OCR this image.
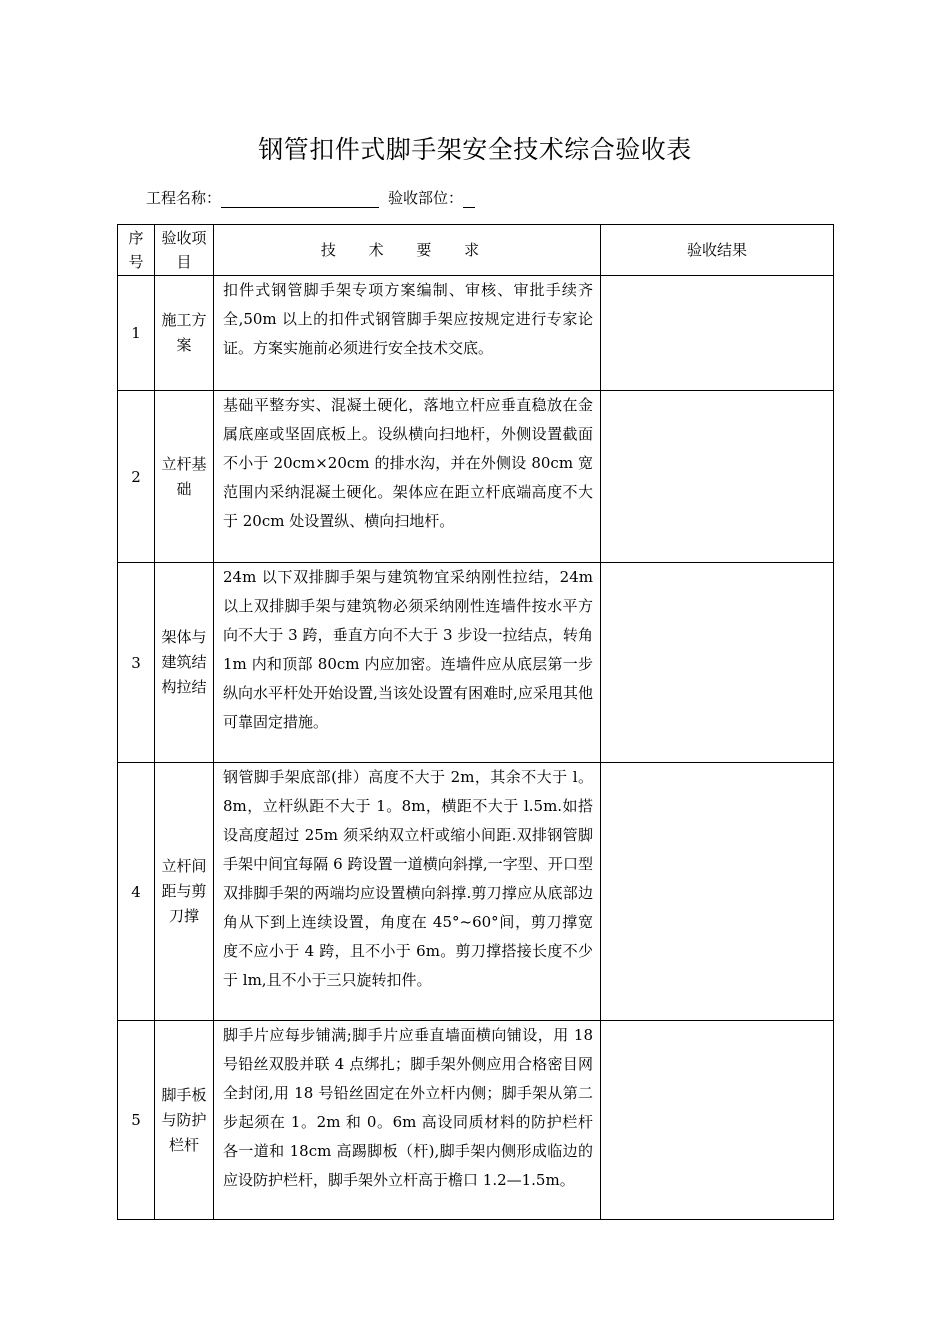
钢管扣件式脚手架安全技术综合验收表
工程名称：	验收部位：
序号	验收项目	技 术 要 求	验收结果
1	施工方案	扣件式钢管脚手架专项方案编制、审核、审批手续齐全,50m 以上的扣件式钢管脚手架应按规定进行专家论证。方案实施前必须进行安全技术交底。	
2	立杆基础	基础平整夯实、混凝土硬化，落地立杆应垂直稳放在金属底座或坚固底板上。设纵横向扫地杆，外侧设置截面不小于 20cm×20cm 的排水沟，并在外侧设 80cm 宽范围内采纳混凝土硬化。架体应在距立杆底端高度不大于 20cm 处设置纵、横向扫地杆。	
3	架体与建筑结构拉结	24m 以下双排脚手架与建筑物宜采纳刚性拉结，24m 以上双排脚手架与建筑物必须采纳刚性连墙件按水平方向不大于 3 跨，垂直方向不大于 3 步设一拉结点，转角 1m 内和顶部 80cm 内应加密。连墙件应从底层第一步纵向水平杆处开始设置,当该处设置有困难时,应采甩其他可靠固定措施。	
4	立杆间距与剪刀撑	钢管脚手架底部(排）高度不大于 2m，其余不大于 l。8m，立杆纵距不大于 1。8m，横距不大于 l.5m.如搭设高度超过 25m 须采纳双立杆或缩小间距.双排钢管脚手架中间宜每隔 6 跨设置一道横向斜撑,一字型、开口型双排脚手架的两端均应设置横向斜撑.剪刀撑应从底部边角从下到上连续设置，角度在 45°~60°间，剪刀撑宽度不应小于 4 跨，且不小于 6m。剪刀撑搭接长度不少于 lm,且不小于三只旋转扣件。	
5	脚手板与防护栏杆	脚手片应每步铺满;脚手片应垂直墙面横向铺设，用 18 号铅丝双股并联 4 点绑扎；脚手架外侧应用合格密目网全封闭,用 18 号铅丝固定在外立杆内侧；脚手架从第二步起须在 1。2m 和 0。6m 高设同质材料的防护栏杆各一道和 18cm 高踢脚板（杆),脚手架内侧形成临边的应设防护栏杆，脚手架外立杆高于檐口 1.2—1.5m。	
